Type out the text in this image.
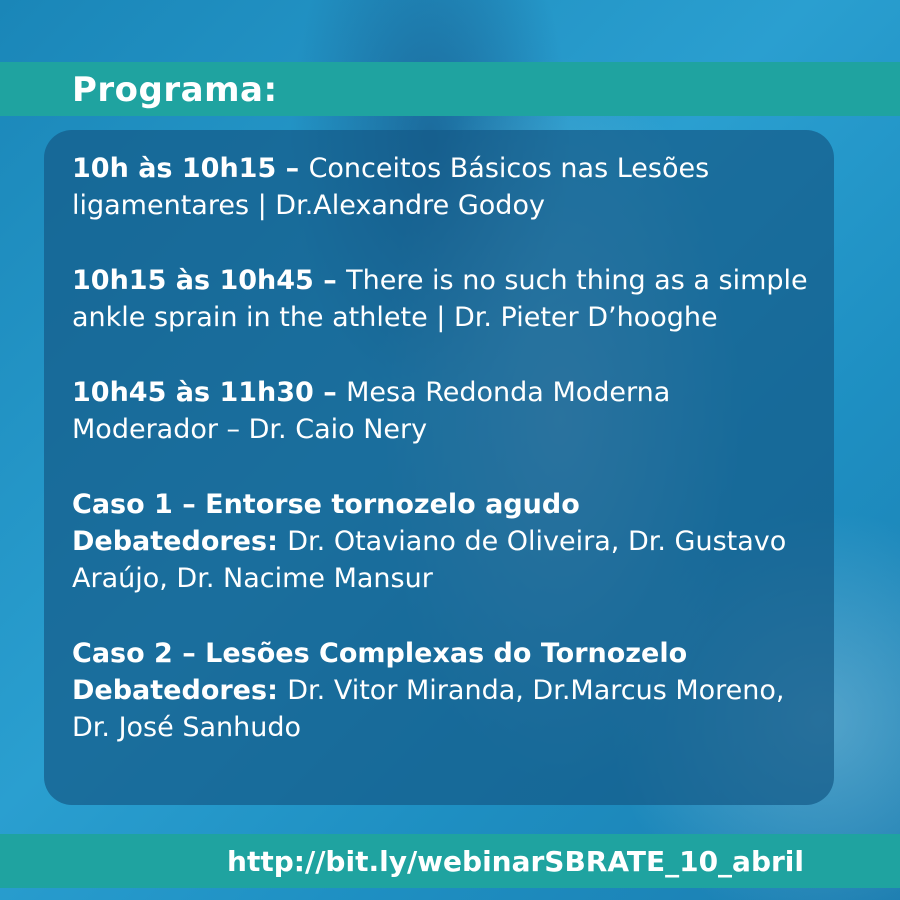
Programa:

10h às 10h15 – Conceitos Básicos nas Lesões ligamentares | Dr.Alexandre Godoy

10h15 às 10h45 – There is no such thing as a simple ankle sprain in the athlete | Dr. Pieter D’hooghe

10h45 às 11h30 – Mesa Redonda Moderna
Moderador – Dr. Caio Nery

Caso 1 – Entorse tornozelo agudo
Debatedores: Dr. Otaviano de Oliveira, Dr. Gustavo Araújo, Dr. Nacime Mansur

Caso 2 – Lesões Complexas do Tornozelo
Debatedores: Dr. Vitor Miranda, Dr.Marcus Moreno, Dr. José Sanhudo

http://bit.ly/webinarSBRATE_10_abril
